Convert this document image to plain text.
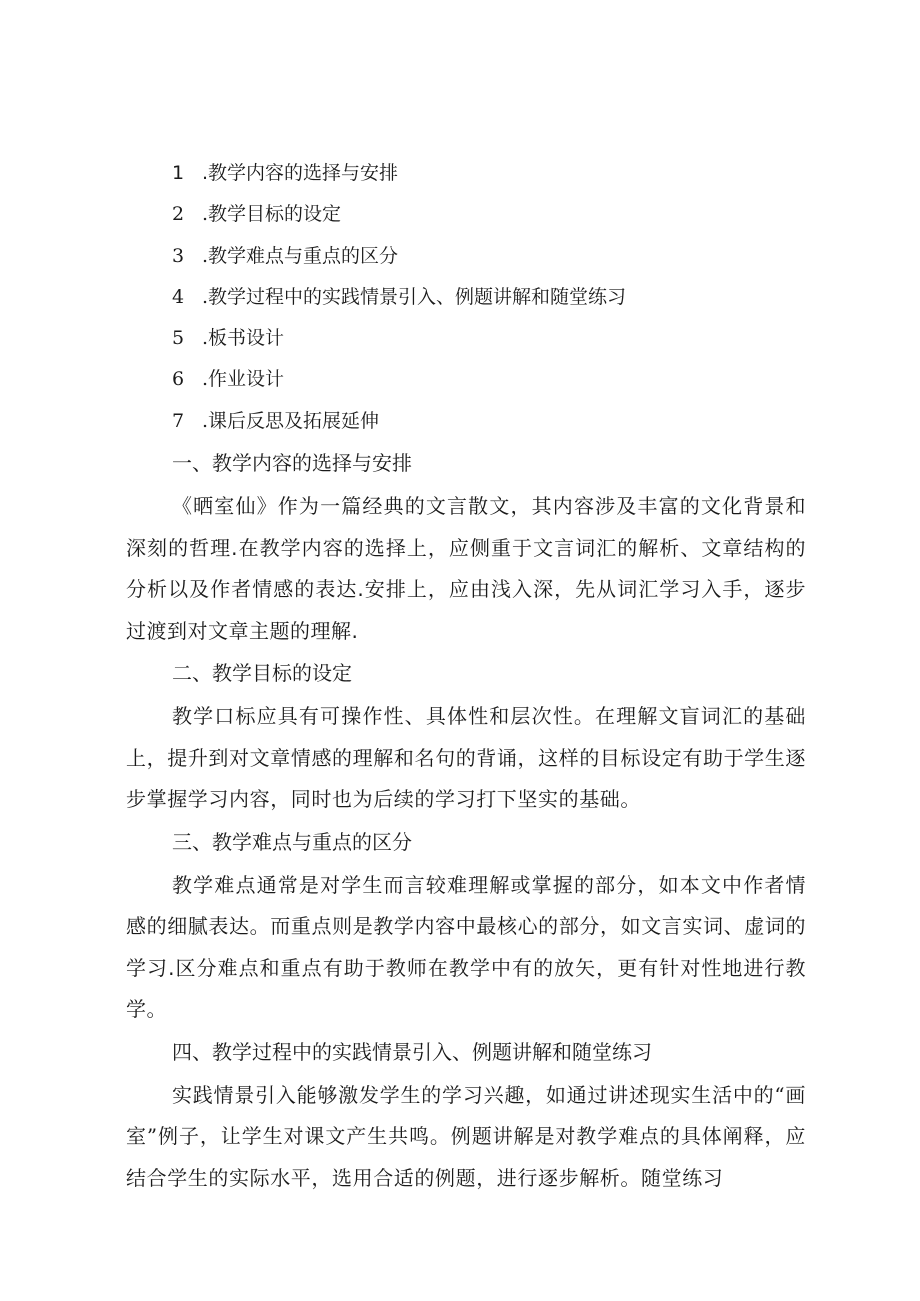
1 .教学内容的选择与安排
2 .教学目标的设定
3 .教学难点与重点的区分
4 .教学过程中的实践情景引入、例题讲解和随堂练习
5 .板书设计
6 .作业设计
7 .课后反思及拓展延伸
一、教学内容的选择与安排

《晒室仙》作为一篇经典的文言散文，其内容涉及丰富的文化背景和深刻的哲理.在教学内容的选择上，应侧重于文言词汇的解析、文章结构的分析以及作者情感的表达.安排上，应由浅入深，先从词汇学习入手，逐步过渡到对文章主题的理解.

二、教学目标的设定

教学口标应具有可操作性、具体性和层次性。在理解文盲词汇的基础上，提升到对文章情感的理解和名句的背诵，这样的目标设定有助于学生逐步掌握学习内容，同时也为后续的学习打下坚实的基础。

三、教学难点与重点的区分

教学难点通常是对学生而言较难理解或掌握的部分，如本文中作者情感的细腻表达。而重点则是教学内容中最核心的部分，如文言实词、虚词的学习.区分难点和重点有助于教师在教学中有的放矢，更有针对性地进行教学。

四、教学过程中的实践情景引入、例题讲解和随堂练习

实践情景引入能够激发学生的学习兴趣，如通过讲述现实生活中的“画室”例子，让学生对课文产生共鸣。例题讲解是对教学难点的具体阐释，应结合学生的实际水平，选用合适的例题，进行逐步解析。随堂练习
